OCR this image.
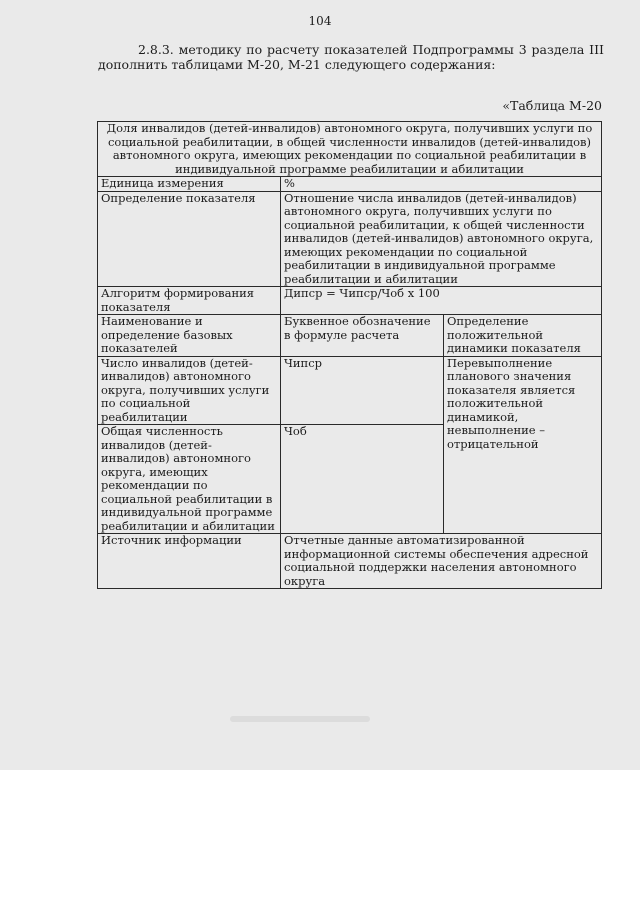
104
2.8.3. методику по расчету показателей Подпрограммы 3 раздела III
дополнить таблицами М-20, М-21 следующего содержания:
«Таблица М-20
Доля инвалидов (детей-инвалидов) автономного округа, получивших услуги по социальной реабилитации, в общей численности инвалидов (детей-инвалидов) автономного округа, имеющих рекомендации по социальной реабилитации в индивидуальной программе реабилитации и абилитации		
Единица измерения	%	
Определение показателя	Отношение числа инвалидов (детей-инвалидов) автономного округа, получивших услуги по социальной реабилитации, к общей численности инвалидов (детей-инвалидов) автономного округа, имеющих рекомендации по социальной реабилитации в индивидуальной программе реабилитации и абилитации	
Алгоритм формирования показателя	Дипср = Чипср/Чоб х 100	
Наименование и определение базовых показателей	Буквенное обозначение в формуле расчета	Определение положительной динамики показателя
Число инвалидов (детей-инвалидов) автономного округа, получивших услуги по социальной реабилитации	Чипср	Перевыполнение планового значения показателя является положительной динамикой, невыполнение – отрицательной
Общая численность инвалидов (детей-инвалидов) автономного округа, имеющих рекомендации по социальной реабилитации в индивидуальной программе реабилитации и абилитации	Чоб	
Источник информации	Отчетные данные автоматизированной информационной системы обеспечения адресной социальной поддержки населения автономного округа	
